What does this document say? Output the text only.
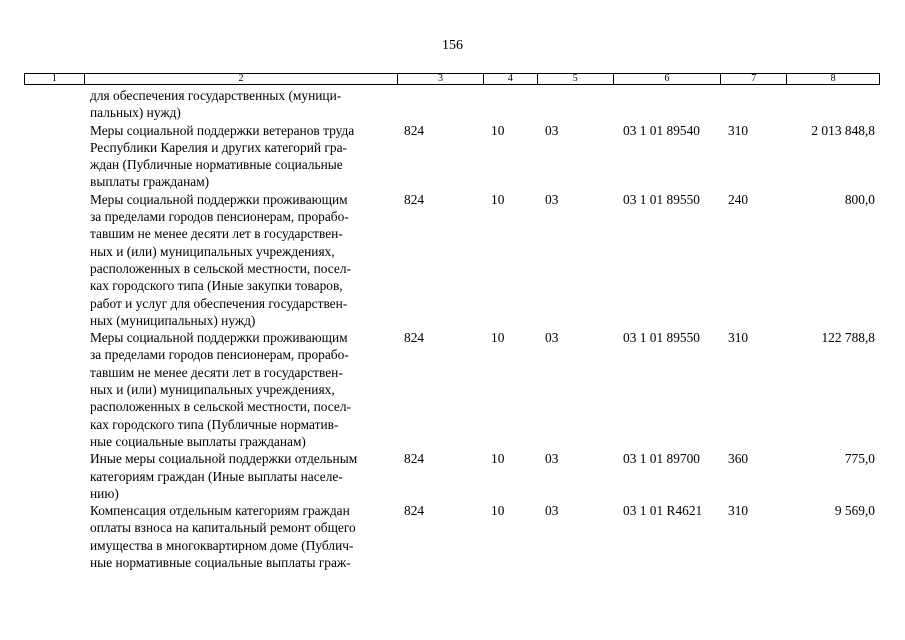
156
1	2	3	4	5	6	7	8
для обеспечения государственных (муници-
пальных) нужд)
Меры социальной поддержки ветеранов труда
Республики Карелия и других категорий гра-
ждан (Публичные нормативные социальные
выплаты гражданам)
824	10	03	03 1 01 89540 310	2 013 848,8
Меры социальной поддержки проживающим
за пределами городов пенсионерам, прорабо-
тавшим не менее десяти лет в государствен-
ных и (или) муниципальных учреждениях,
расположенных в сельской местности, посел-
ках городского типа (Иные закупки товаров,
работ и услуг для обеспечения государствен-
ных (муниципальных) нужд)
824	10	03	03 1 01 89550 240	800,0
Меры социальной поддержки проживающим
за пределами городов пенсионерам, прорабо-
тавшим не менее десяти лет в государствен-
ных и (или) муниципальных учреждениях,
расположенных в сельской местности, посел-
ках городского типа (Публичные норматив-
ные социальные выплаты гражданам)
824	10	03	03 1 01 89550 310	122 788,8
Иные меры социальной поддержки отдельным
категориям граждан (Иные выплаты населе-
нию)
824	10	03	03 1 01 89700 360	775,0
Компенсация отдельным категориям граждан
оплаты взноса на капитальный ремонт общего
имущества в многоквартирном доме (Публич-
ные нормативные социальные выплаты граж-
824	10	03	03 1 01 R4621 310	9 569,0
